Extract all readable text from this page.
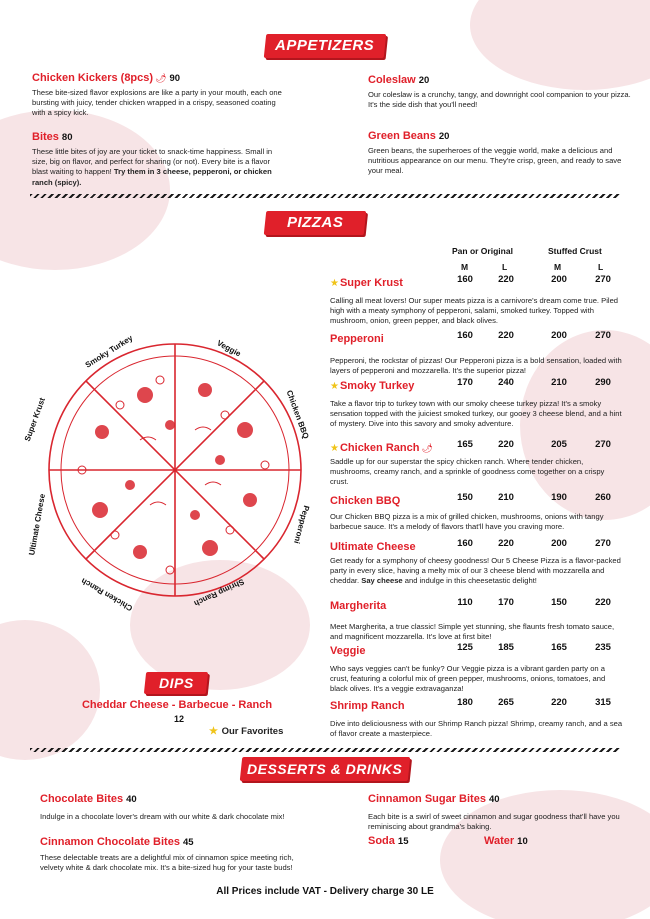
APPETIZERS
Chicken Kickers (8pcs) 🌶 90
These bite-sized flavor explosions are like a party in your mouth, each one bursting with juicy, tender chicken wrapped in a crispy, seasoned coating with a spicy kick.
Bites 80
These little bites of joy are your ticket to snack-time happiness. Small in size, big on flavor, and perfect for sharing (or not). Every bite is a flavor blast waiting to happen! Try them in 3 cheese, pepperoni, or chicken ranch (spicy).
Coleslaw 20
Our coleslaw is a crunchy, tangy, and downright cool companion to your pizza. It's the side dish that you'll need!
Green Beans 20
Green beans, the superheroes of the veggie world, make a delicious and nutritious appearance on our menu. They're crisp, green, and ready to save your meal.
PIZZAS
Pan or Original	Stuffed Crust
M	L	M	L
★Super Krust	160	220	200	270
Calling all meat lovers! Our super meats pizza is a carnivore's dream come true. Piled high with a meaty symphony of pepperoni, salami, smoked turkey. Topped with mushroom, onion, green pepper, and black olives.
Pepperoni	160	220	200	270
Pepperoni, the rockstar of pizzas! Our Pepperoni pizza is a bold sensation, loaded with layers of pepperoni and mozzarella. It's the superior pizza!
★Smoky Turkey	170	240	210	290
Take a flavor trip to turkey town with our smoky cheese turkey pizza! It's a smoky sensation topped with the juiciest smoked turkey, our gooey 3 cheese blend, and a hint of mystery. Dive into this savory and smoky adventure.
★Chicken Ranch 🌶	165	220	205	270
Saddle up for our superstar the spicy chicken ranch. Where tender chicken, mushrooms, creamy ranch, and a sprinkle of goodness come together on a crispy crust.
Chicken BBQ	150	210	190	260
Our Chicken BBQ pizza is a mix of grilled chicken, mushrooms, onions with tangy barbecue sauce. It's a melody of flavors that'll have you craving more.
Ultimate Cheese	160	220	200	270
Get ready for a symphony of cheesy goodness! Our 5 Cheese Pizza is a flavor-packed party in every slice, having a melty mix of our 3 cheese blend with mozzarella and cheddar. Say cheese and indulge in this cheesetastic delight!
Margherita	110	170	150	220
Meet Margherita, a true classic! Simple yet stunning, she flaunts fresh tomato sauce, and magnificent mozzarella. It's love at first bite!
Veggie	125	185	165	235
Who says veggies can't be funky? Our Veggie pizza is a vibrant garden party on a crust, featuring a colorful mix of green pepper, mushrooms, onions, tomatoes, and black olives. It's a veggie extravaganza!
Shrimp Ranch	180	265	220	315
Dive into deliciousness with our Shrimp Ranch pizza! Shrimp, creamy ranch, and a sea of flavor create a masterpiece.
Smoky Turkey	Veggie
Chicken BBQ
Pepperoni
Shrimp Ranch
Chicken Ranch
Ultimate Cheese
Super Krust
DIPS
Cheddar Cheese - Barbecue - Ranch
12
★ Our Favorites
DESSERTS & DRINKS
Chocolate Bites 40
Indulge in a chocolate lover's dream with our white & dark chocolate mix!
Cinnamon Chocolate Bites 45
These delectable treats are a delightful mix of cinnamon spice meeting rich, velvety white & dark chocolate mix. It's a bite-sized hug for your taste buds!
Cinnamon Sugar Bites 40
Each bite is a swirl of sweet cinnamon and sugar goodness that'll have you reminiscing about grandma's baking.
Soda 15	Water 10
All Prices include VAT - Delivery charge 30 LE
